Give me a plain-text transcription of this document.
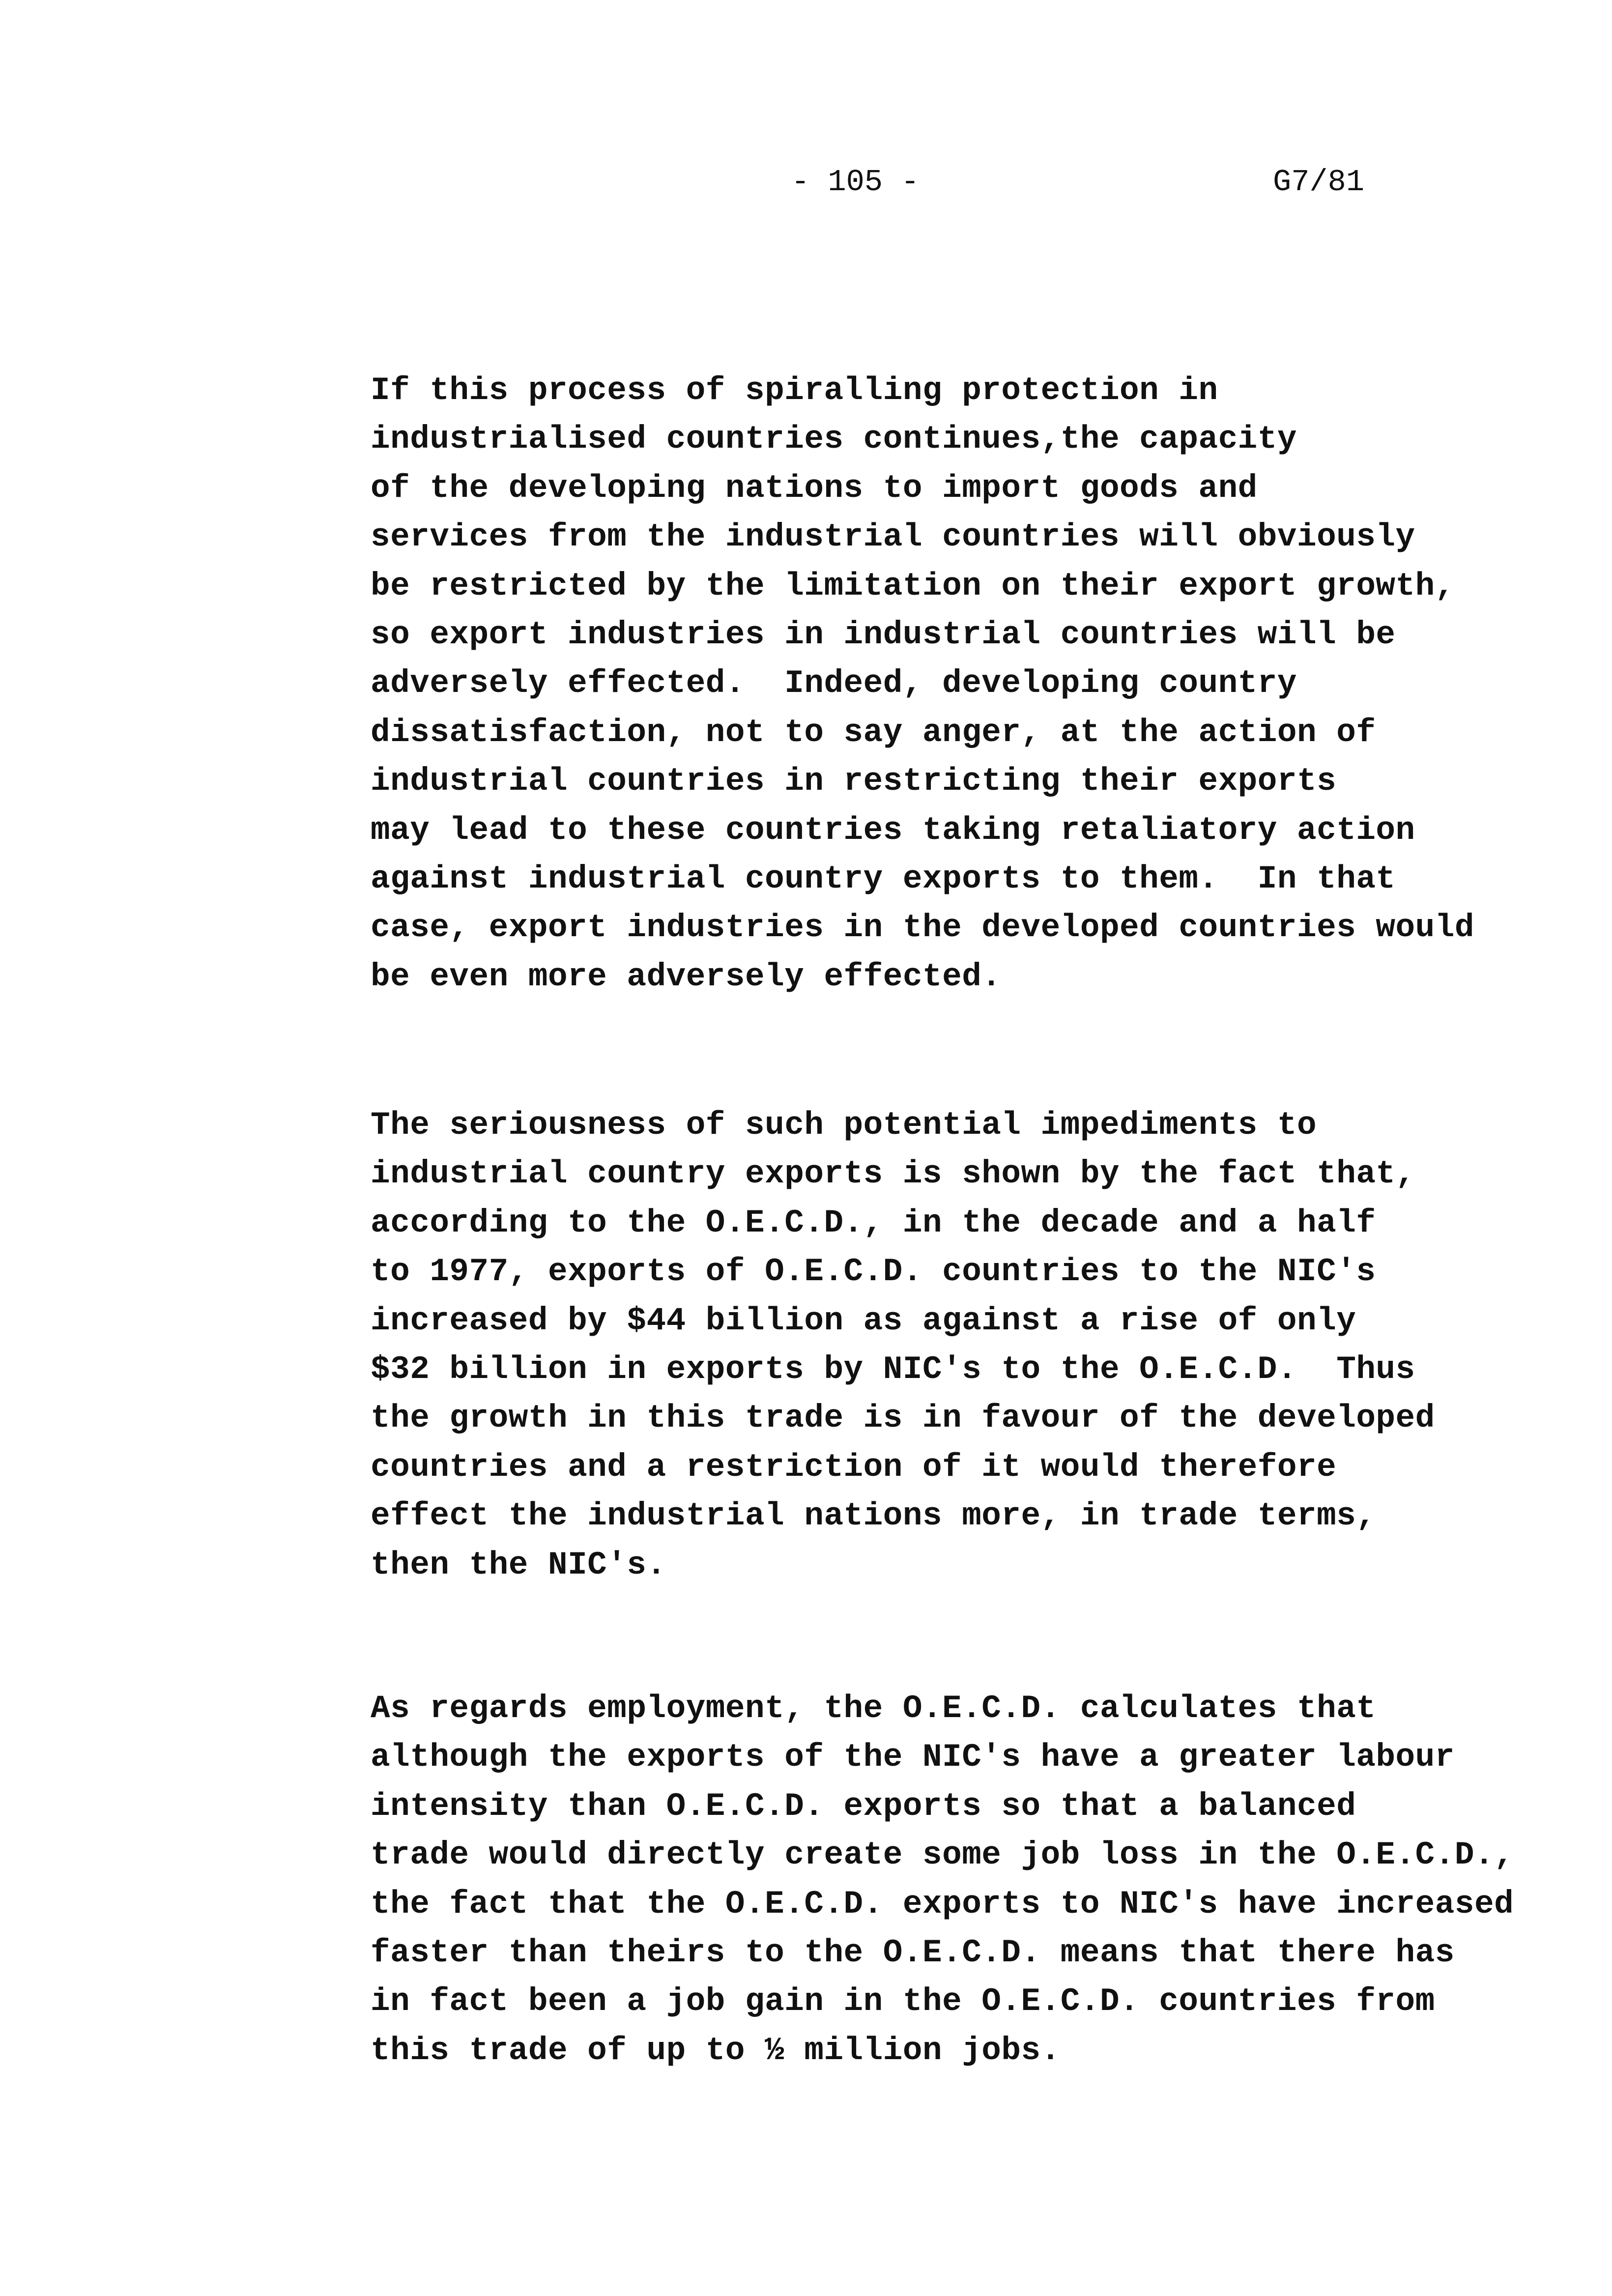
- 105 -	G7/81
If this process of spiralling protection in
industrialised countries continues,the capacity
of the developing nations to import goods and
services from the industrial countries will obviously
be restricted by the limitation on their export growth,
so export industries in industrial countries will be
adversely effected.  Indeed, developing country
dissatisfaction, not to say anger, at the action of
industrial countries in restricting their exports
may lead to these countries taking retaliatory action
against industrial country exports to them.  In that
case, export industries in the developed countries would
be even more adversely effected.
The seriousness of such potential impediments to
industrial country exports is shown by the fact that,
according to the O.E.C.D., in the decade and a half
to 1977, exports of O.E.C.D. countries to the NIC's
increased by $44 billion as against a rise of only
$32 billion in exports by NIC's to the O.E.C.D.  Thus
the growth in this trade is in favour of the developed
countries and a restriction of it would therefore
effect the industrial nations more, in trade terms,
then the NIC's.
As regards employment, the O.E.C.D. calculates that
although the exports of the NIC's have a greater labour
intensity than O.E.C.D. exports so that a balanced
trade would directly create some job loss in the O.E.C.D.,
the fact that the O.E.C.D. exports to NIC's have increased
faster than theirs to the O.E.C.D. means that there has
in fact been a job gain in the O.E.C.D. countries from
this trade of up to ½ million jobs.
